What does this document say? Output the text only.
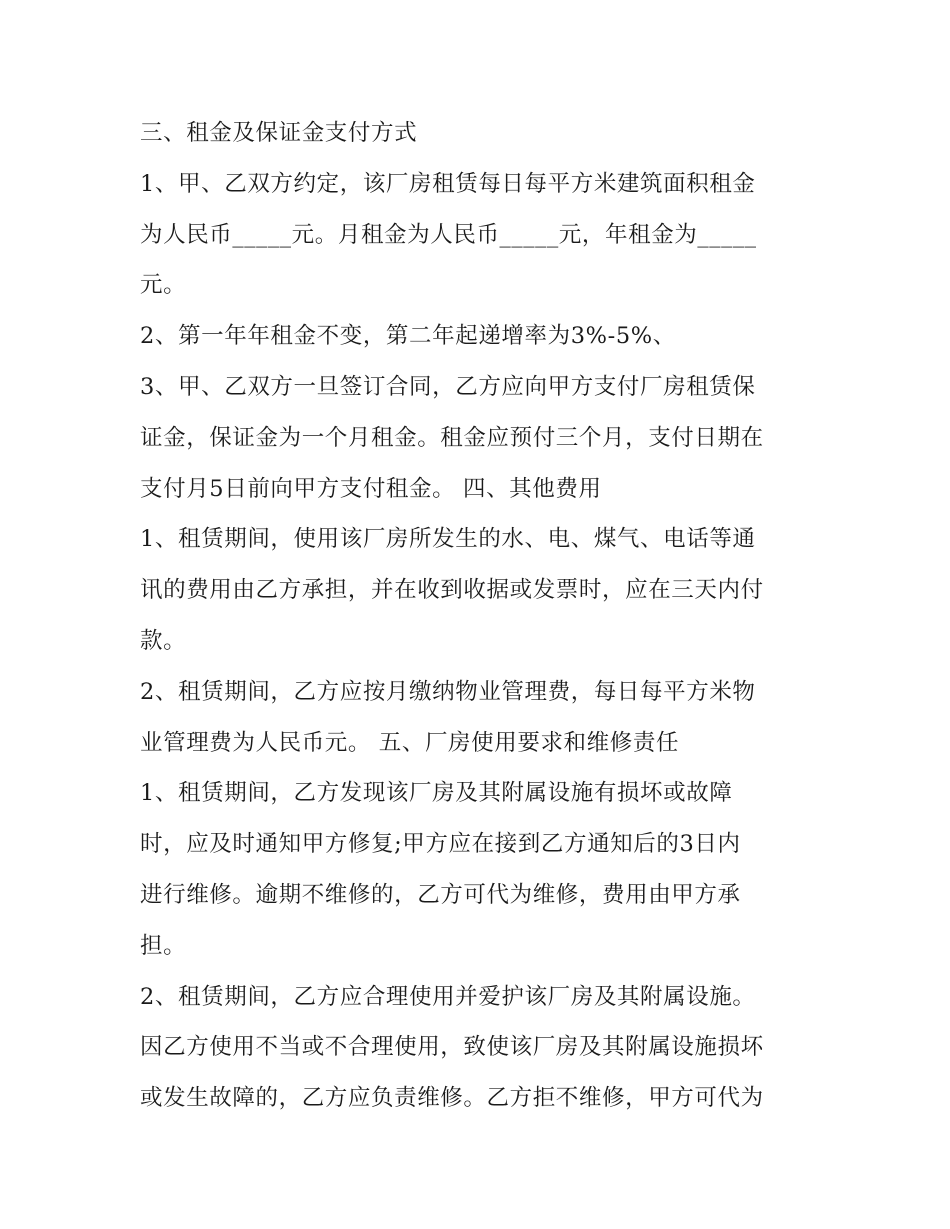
三、租金及保证金支付方式
1、甲、乙双方约定，该厂房租赁每日每平方米建筑面积租金
为人民币_____元。月租金为人民币_____元，年租金为_____
元。
2、第一年年租金不变，第二年起递增率为3%-5%、
3、甲、乙双方一旦签订合同，乙方应向甲方支付厂房租赁保
证金，保证金为一个月租金。租金应预付三个月，支付日期在
支付月5日前向甲方支付租金。 四、其他费用
1、租赁期间，使用该厂房所发生的水、电、煤气、电话等通
讯的费用由乙方承担，并在收到收据或发票时，应在三天内付
款。
2、租赁期间，乙方应按月缴纳物业管理费，每日每平方米物
业管理费为人民币元。 五、厂房使用要求和维修责任
1、租赁期间，乙方发现该厂房及其附属设施有损坏或故障
时，应及时通知甲方修复;甲方应在接到乙方通知后的3日内
进行维修。逾期不维修的，乙方可代为维修，费用由甲方承
担。
2、租赁期间，乙方应合理使用并爱护该厂房及其附属设施。
因乙方使用不当或不合理使用，致使该厂房及其附属设施损坏
或发生故障的，乙方应负责维修。乙方拒不维修，甲方可代为
